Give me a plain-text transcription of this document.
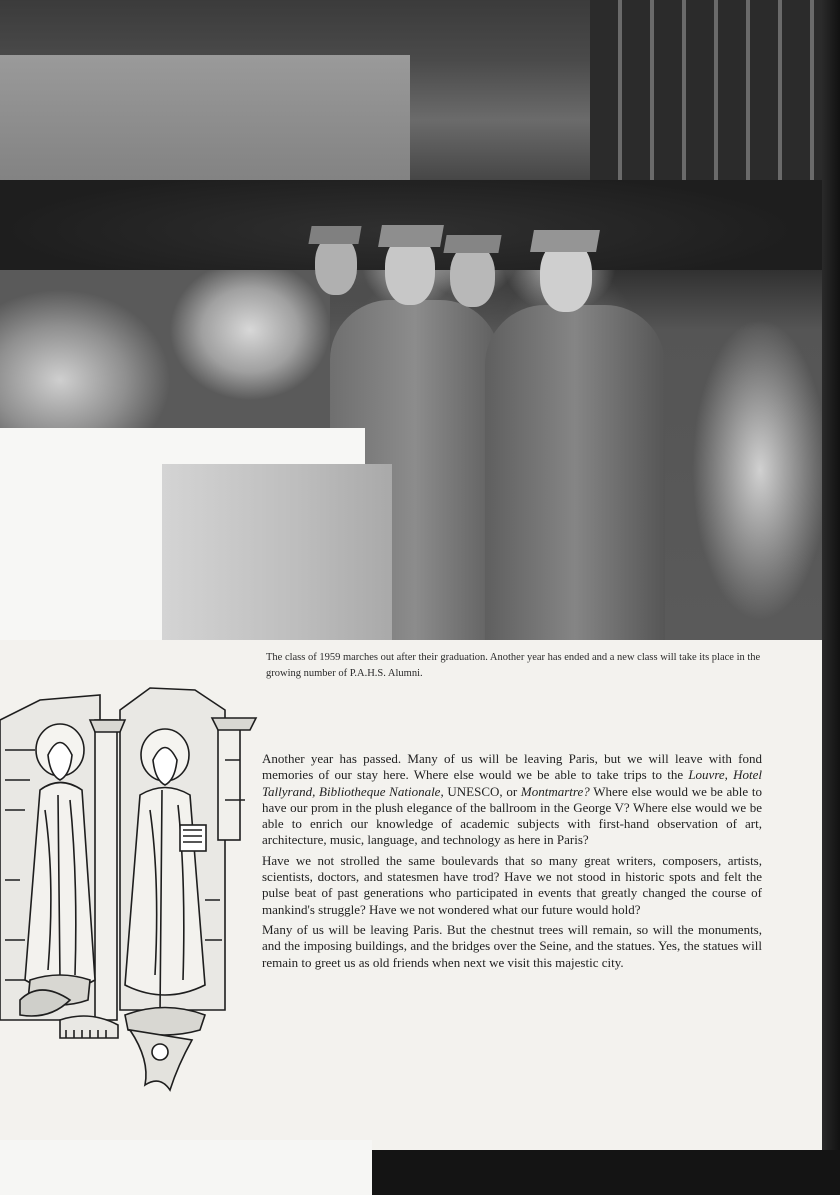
The class of 1959 marches out after their graduation. Another year has ended and a new class will take its place in the growing number of P.A.H.S. Alumni.

Another year has passed. Many of us will be leaving Paris, but we will leave with fond memories of our stay here. Where else would we be able to take trips to the Louvre, Hotel Tallyrand, Bibliotheque Nationale, UNESCO, or Montmartre? Where else would we be able to have our prom in the plush elegance of the ballroom in the George V? Where else would we be able to enrich our knowledge of academic subjects with first-hand observation of art, architecture, music, language, and technology as here in Paris?

Have we not strolled the same boulevards that so many great writers, composers, artists, scientists, doctors, and statesmen have trod? Have we not stood in historic spots and felt the pulse beat of past generations who participated in events that greatly changed the course of mankind's struggle? Have we not wondered what our future would hold?

Many of us will be leaving Paris. But the chestnut trees will remain, so will the monuments, and the imposing buildings, and the bridges over the Seine, and the statues. Yes, the statues will remain to greet us as old friends when next we visit this majestic city.
